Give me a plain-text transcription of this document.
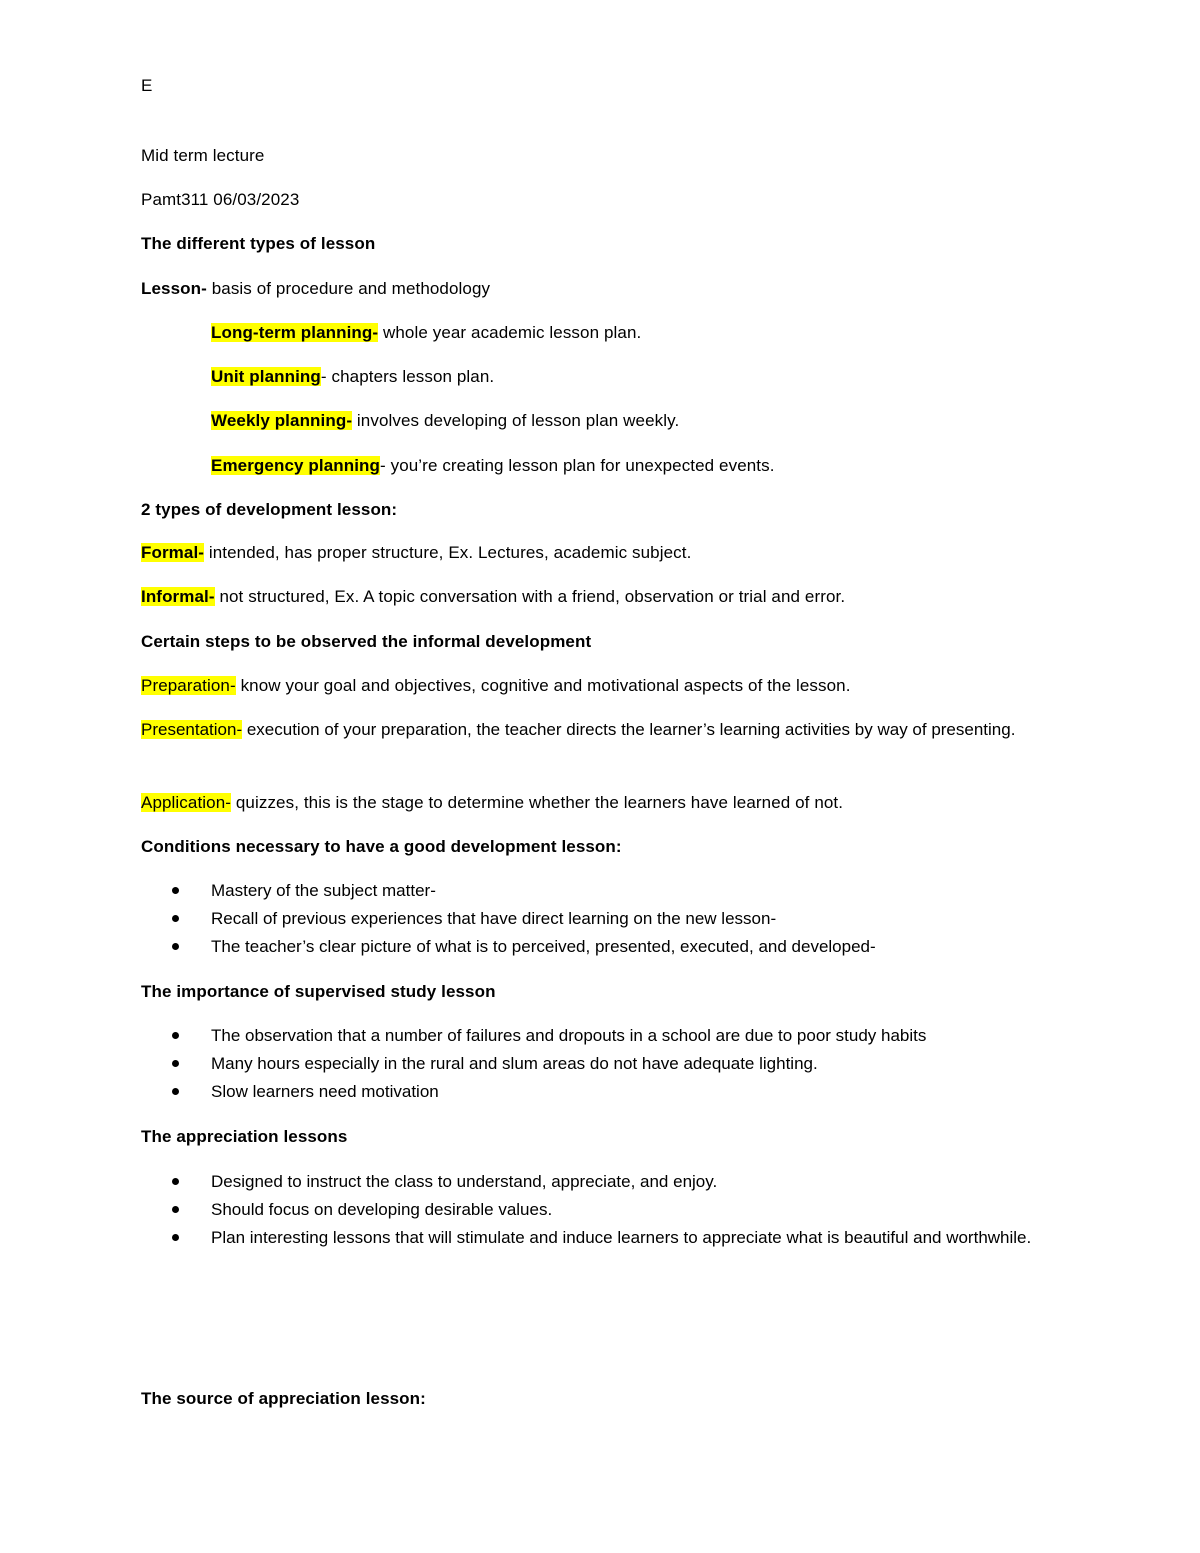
E
Mid term lecture
Pamt311 06/03/2023
The different types of lesson
Lesson- basis of procedure and methodology
Long-term planning- whole year academic lesson plan.
Unit planning- chapters lesson plan.
Weekly planning- involves developing of lesson plan weekly.
Emergency planning- you’re creating lesson plan for unexpected events.
2 types of development lesson:
Formal- intended, has proper structure, Ex. Lectures, academic subject.
Informal- not structured, Ex. A topic conversation with a friend, observation or trial and error.
Certain steps to be observed the informal development
Preparation- know your goal and objectives, cognitive and motivational aspects of the lesson.
Presentation- execution of your preparation, the teacher directs the learner’s learning activities by way of presenting.
Application- quizzes, this is the stage to determine whether the learners have learned of not.
Conditions necessary to have a good development lesson:
Mastery of the subject matter-
Recall of previous experiences that have direct learning on the new lesson-
The teacher’s clear picture of what is to perceived, presented, executed, and developed-
The importance of supervised study lesson
The observation that a number of failures and dropouts in a school are due to poor study habits
Many hours especially in the rural and slum areas do not have adequate lighting.
Slow learners need motivation
The appreciation lessons
Designed to instruct the class to understand, appreciate, and enjoy.
Should focus on developing desirable values.
Plan interesting lessons that will stimulate and induce learners to appreciate what is beautiful and worthwhile.
The source of appreciation lesson:
